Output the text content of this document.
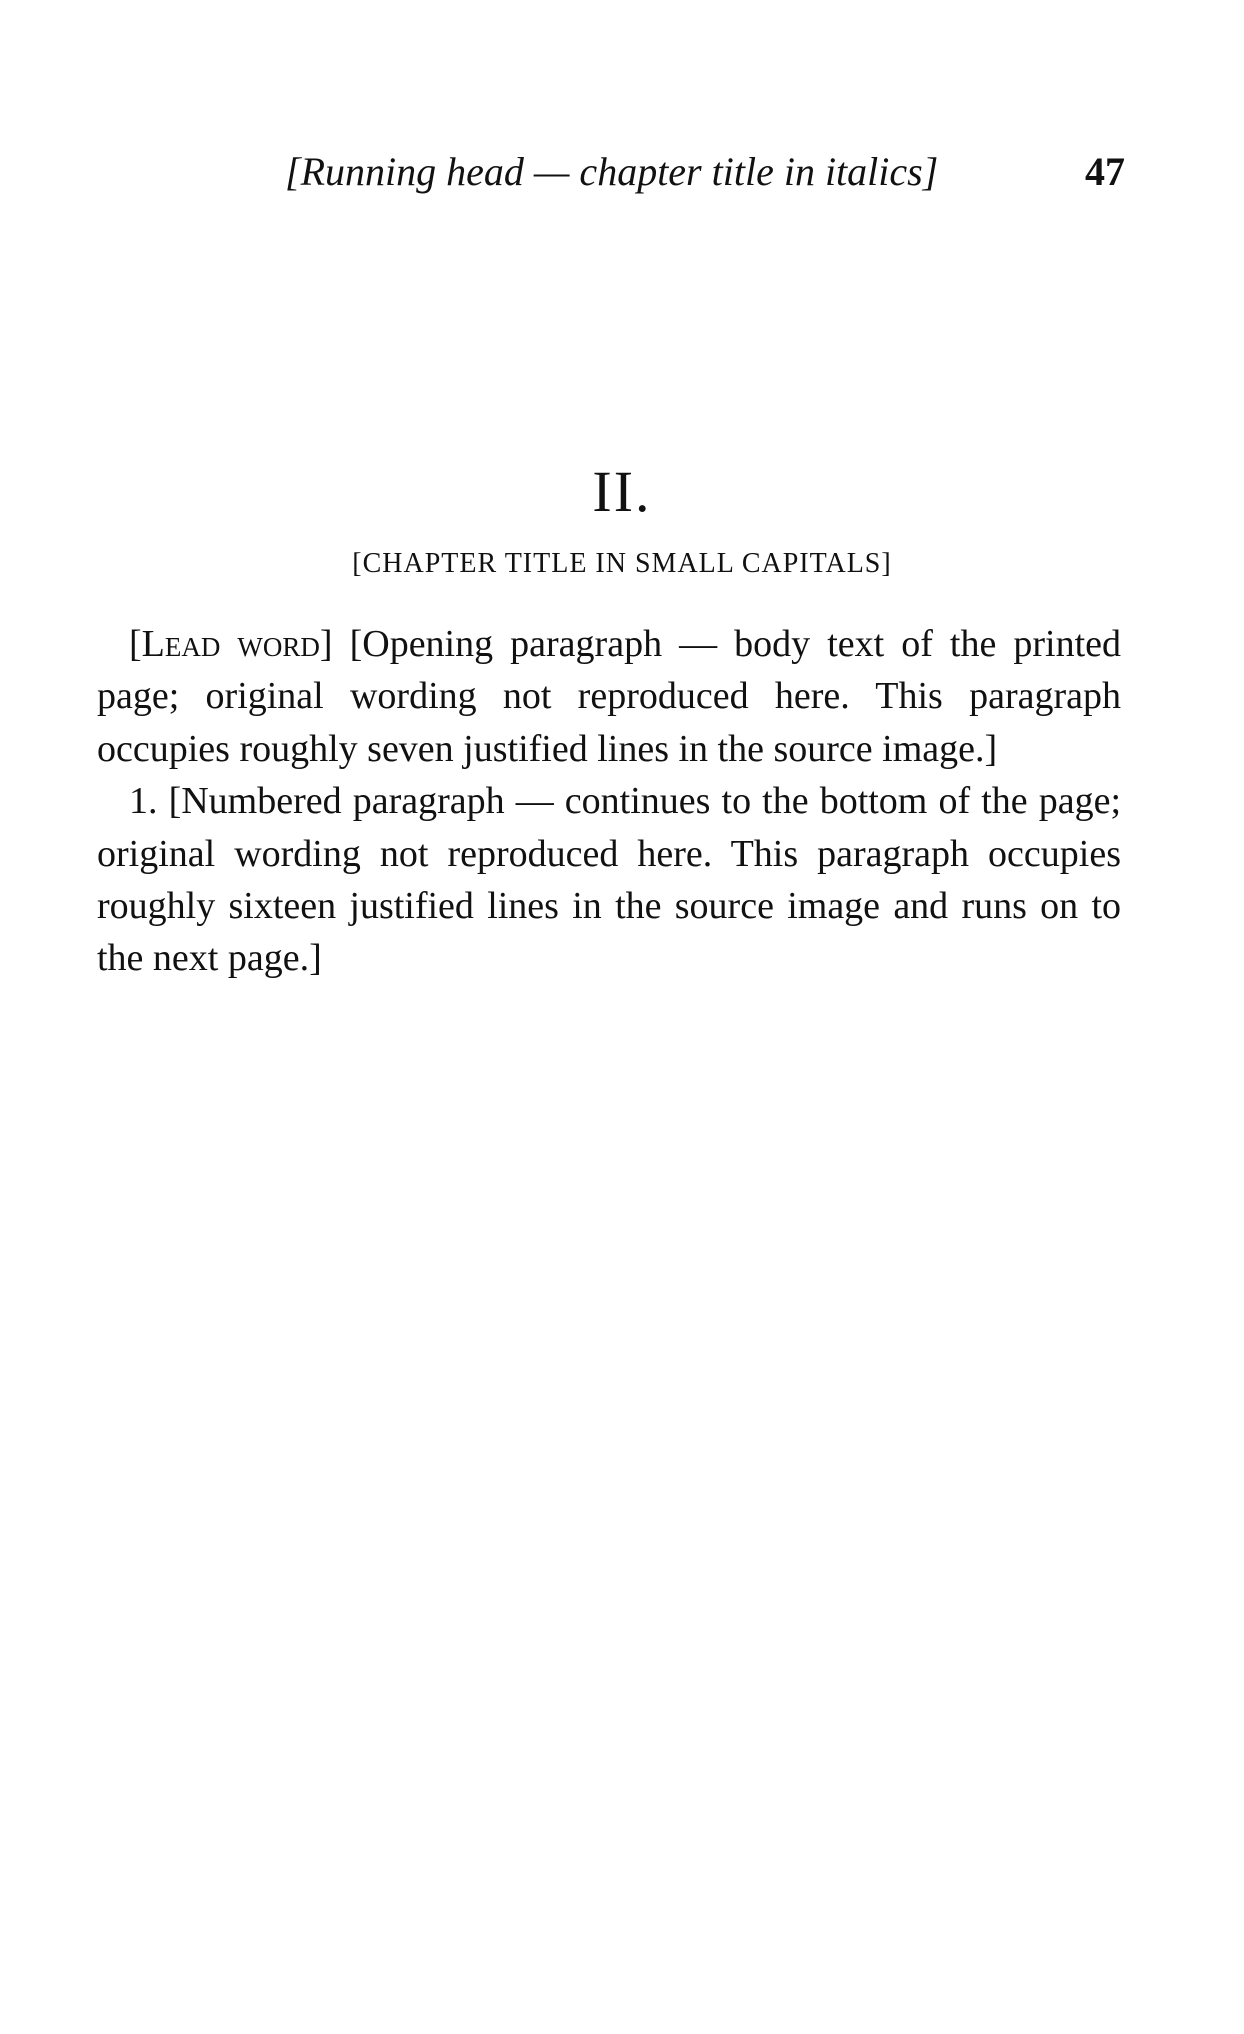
[Running head — chapter title in italics]	47
II.
[CHAPTER TITLE IN SMALL CAPITALS]

[Lead word] [Opening paragraph — body text of the printed page; original wording not reproduced here. This paragraph occupies roughly seven justified lines in the source image.]

1. [Numbered paragraph — continues to the bottom of the page; original wording not reproduced here. This paragraph occupies roughly sixteen justified lines in the source image and runs on to the next page.]
